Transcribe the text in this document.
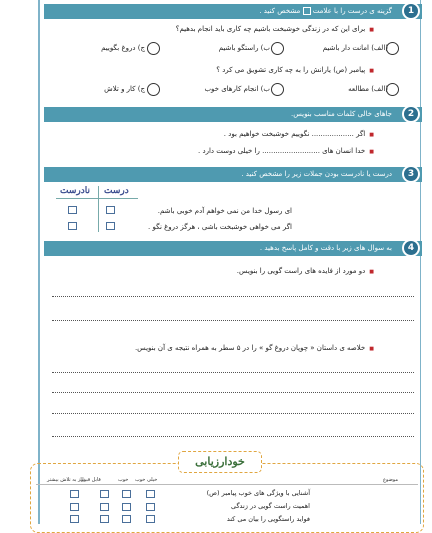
1
گزینه ی درست را با علامت  مشخص کنید .
■ برای این که در زندگی خوشبخت باشیم چه کاری باید انجام بدهیم؟
(الف) امانت دار باشیم
ب) راستگو باشیم
ج) دروغ بگوییم
■ پیامبر (ص) یارانش را به چه کاری تشویق می کرد ؟
(الف) مطالعه
ب) انجام کارهای خوب
ج) کار و تلاش
2
جاهای خالی کلمات مناسب بنویس.
■ اگر ................... نگوییم خوشبخت خواهیم بود .
■ خدا انسان های .......................... را خیلی دوست دارد .
3
درست یا نادرست بودن جملات زیر را مشخص کنید .
درست
نادرست
ای رسول خدا من نمی خواهم آدم خوبی باشم.
اگر می خواهی خوشبخت باشی ، هرگز دروغ نگو .
4
به سوال های زیر با دقت و کامل پاسخ بدهید .
■ دو مورد از فایده های راست گویی را بنویس.
■ خلاصه ی داستان « چوپان دروغ گو » را در ۵ سطر به همراه نتیجه ی آن بنویس.
خودارزیابی
موضوع
خیلی خوب
خوب
قابل قبول
نیاز به تلاش بیشتر
آشنایی با ویژگی های خوب پیامبر (ص)
اهمیت راست گویی در زندگی
فواید راستگویی را بیان می کند
